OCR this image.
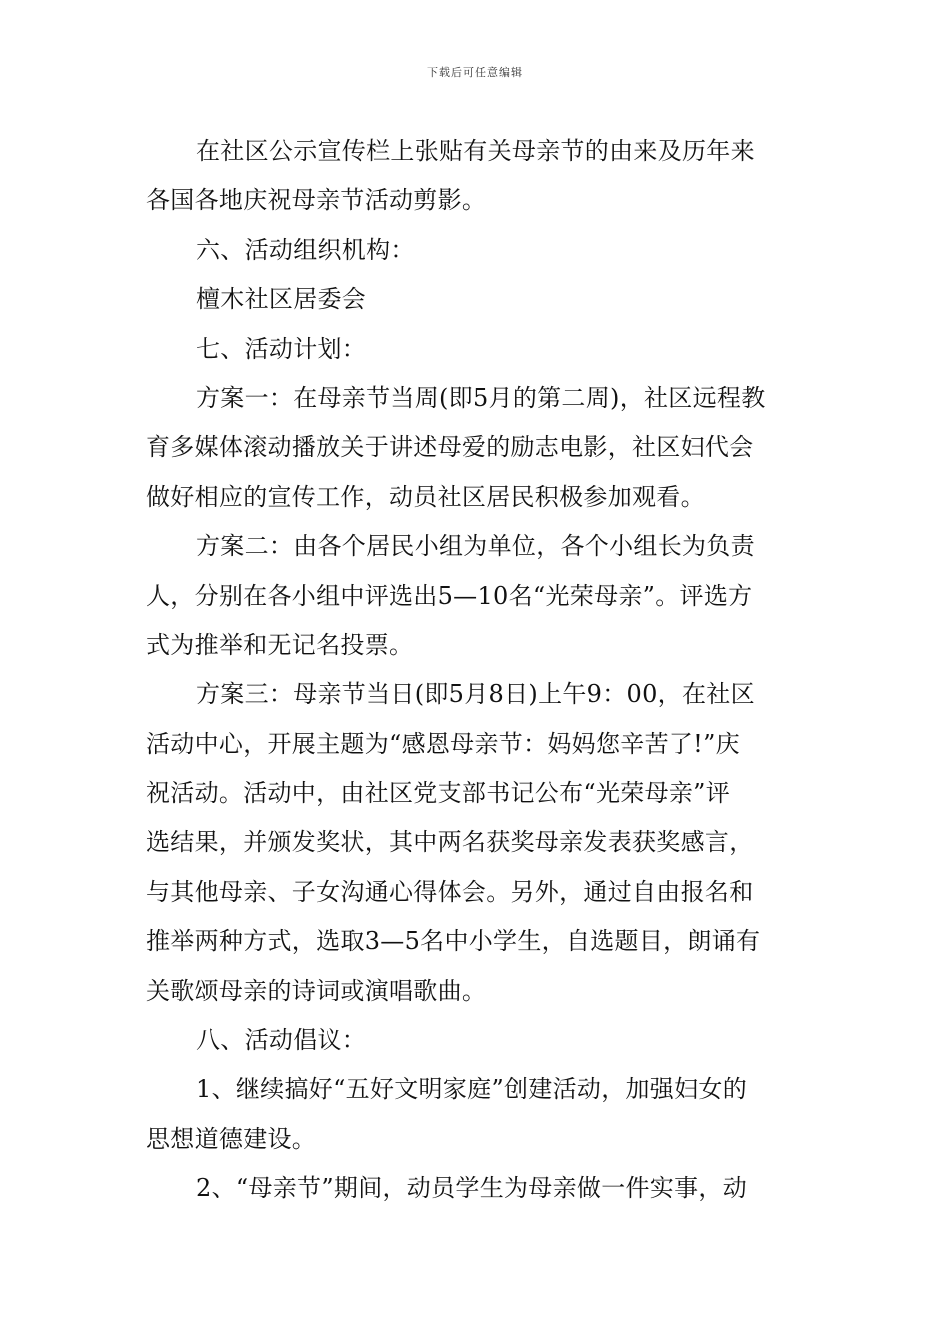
下载后可任意编辑
在社区公示宣传栏上张贴有关母亲节的由来及历年来
各国各地庆祝母亲节活动剪影。
六、活动组织机构：
檀木社区居委会
七、活动计划：
方案一：在母亲节当周(即5月的第二周)，社区远程教
育多媒体滚动播放关于讲述母爱的励志电影，社区妇代会
做好相应的宣传工作，动员社区居民积极参加观看。
方案二：由各个居民小组为单位，各个小组长为负责
人，分别在各小组中评选出5—10名“光荣母亲”。评选方
式为推举和无记名投票。
方案三：母亲节当日(即5月8日)上午9：00，在社区
活动中心，开展主题为“感恩母亲节：妈妈您辛苦了!”庆
祝活动。活动中，由社区党支部书记公布“光荣母亲”评
选结果，并颁发奖状，其中两名获奖母亲发表获奖感言，
与其他母亲、子女沟通心得体会。另外，通过自由报名和
推举两种方式，选取3—5名中小学生，自选题目，朗诵有
关歌颂母亲的诗词或演唱歌曲。
八、活动倡议：
1、继续搞好“五好文明家庭”创建活动，加强妇女的
思想道德建设。
2、“母亲节”期间，动员学生为母亲做一件实事，动
